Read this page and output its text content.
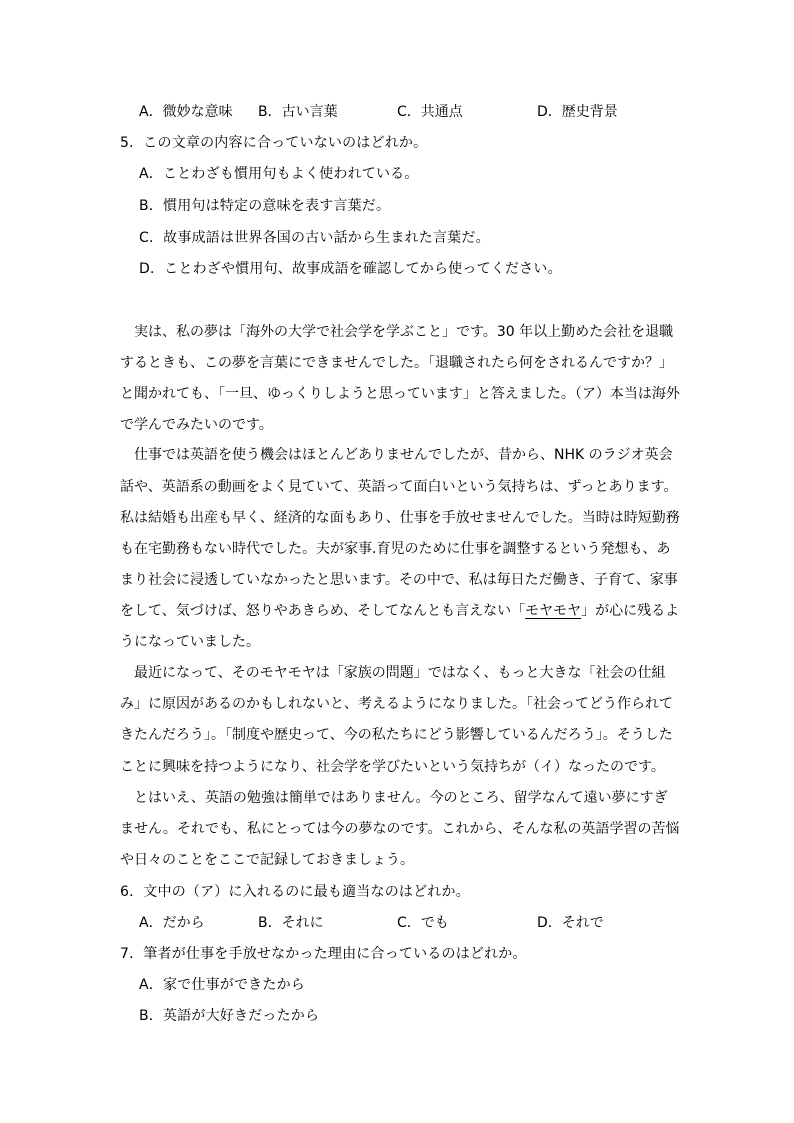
A．微妙な意味 B．古い言葉	C．共通点	D．歴史背景
5．この文章の内容に合っていないのはどれか。
A．ことわざも慣用句もよく使われている。
B．慣用句は特定の意味を表す言葉だ。
C．故事成語は世界各国の古い話から生まれた言葉だ。
D．ことわざや慣用句、故事成語を確認してから使ってください。
　実は、私の夢は「海外の大学で社会学を学ぶこと」です。30 年以上勤めた会社を退職
するときも、この夢を言葉にできませんでした。「退職されたら何をされるんですか？」
と聞かれても、「一旦、ゆっくりしようと思っています」と答えました。（ア）本当は海外
で学んでみたいのです。
　仕事では英語を使う機会はほとんどありませんでしたが、昔から、NHK のラジオ英会
話や、英語系の動画をよく見ていて、英語って面白いという気持ちは、ずっとあります。
私は結婚も出産も早く、経済的な面もあり、仕事を手放せませんでした。当時は時短勤務
も在宅勤務もない時代でした。夫が家事.育児のために仕事を調整するという発想も、あ
まり社会に浸透していなかったと思います。その中で、私は毎日ただ働き、子育て、家事
をして、気づけば、怒りやあきらめ、そしてなんとも言えない「モヤモヤ」が心に残るよ
うになっていました。
　最近になって、そのモヤモヤは「家族の問題」ではなく、もっと大きな「社会の仕組
み」に原因があるのかもしれないと、考えるようになりました。「社会ってどう作られて
きたんだろう」。「制度や歴史って、今の私たちにどう影響しているんだろう」。そうした
ことに興味を持つようになり、社会学を学びたいという気持ちが（イ）なったのです。
　とはいえ、英語の勉強は簡単ではありません。今のところ、留学なんて遠い夢にすぎ
ません。それでも、私にとっては今の夢なのです。これから、そんな私の英語学習の苦悩
や日々のことをここで記録しておきましょう。
6．文中の（ア）に入れるのに最も適当なのはどれか。
A．だから	B．それに	C．でも	D．それで
7．筆者が仕事を手放せなかった理由に合っているのはどれか。
A．家で仕事ができたから
B．英語が大好きだったから
